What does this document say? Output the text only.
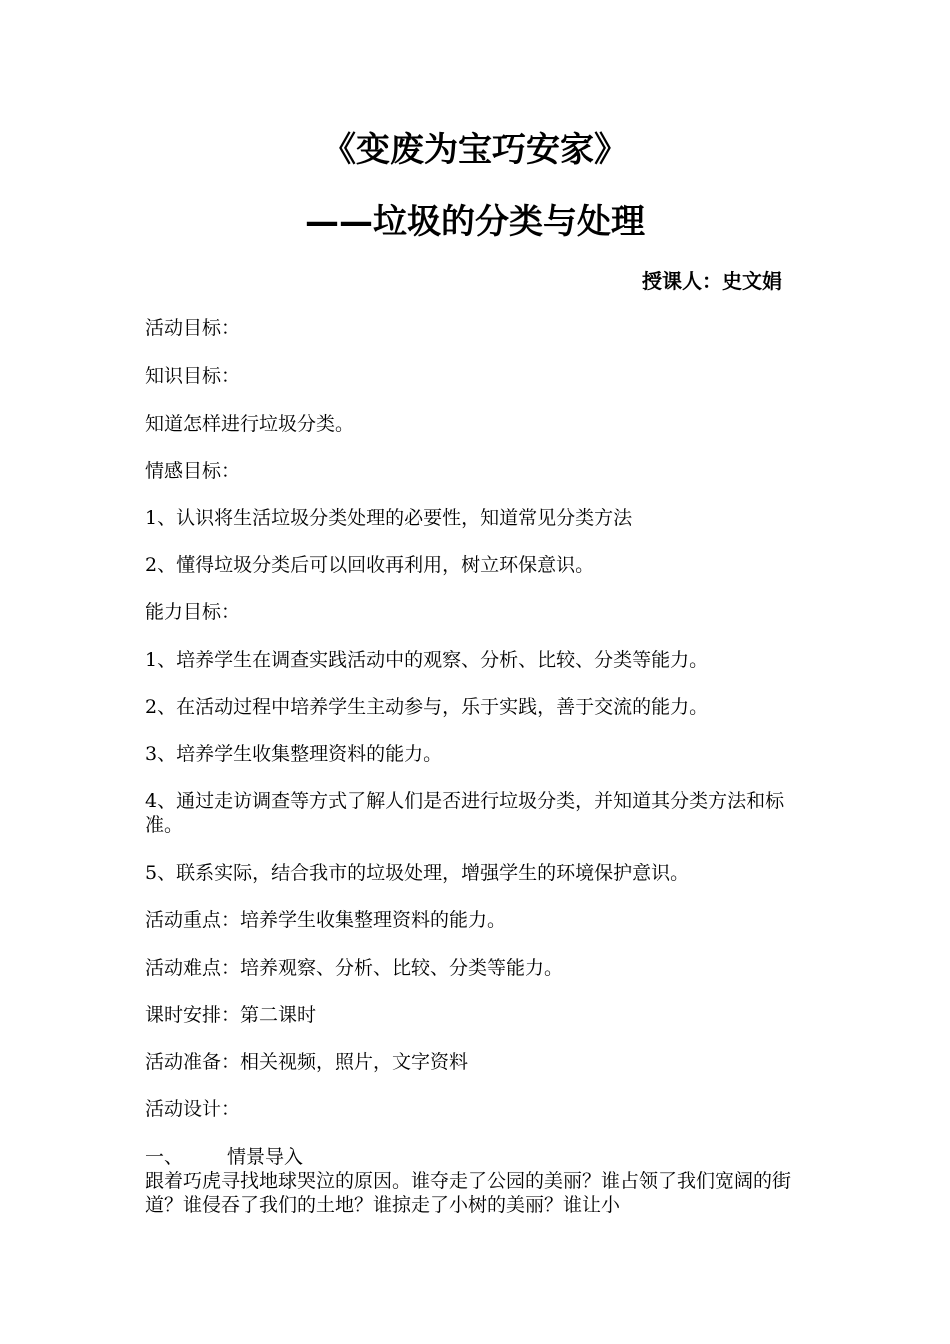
《变废为宝巧安家》
——垃圾的分类与处理
授课人：史文娟
活动目标：
知识目标：
知道怎样进行垃圾分类。
情感目标：
1、认识将生活垃圾分类处理的必要性，知道常见分类方法
2、懂得垃圾分类后可以回收再利用，树立环保意识。
能力目标：
1、培养学生在调查实践活动中的观察、分析、比较、分类等能力。
2、在活动过程中培养学生主动参与，乐于实践，善于交流的能力。
3、培养学生收集整理资料的能力。
4、通过走访调查等方式了解人们是否进行垃圾分类，并知道其分类方法和标准。
5、联系实际，结合我市的垃圾处理，增强学生的环境保护意识。
活动重点：培养学生收集整理资料的能力。
活动难点：培养观察、分析、比较、分类等能力。
课时安排：第二课时
活动准备：相关视频，照片，文字资料
活动设计：
一、 情景导入
跟着巧虎寻找地球哭泣的原因。谁夺走了公园的美丽？谁占领了我们宽阔的街道？谁侵吞了我们的土地？谁掠走了小树的美丽？谁让小
